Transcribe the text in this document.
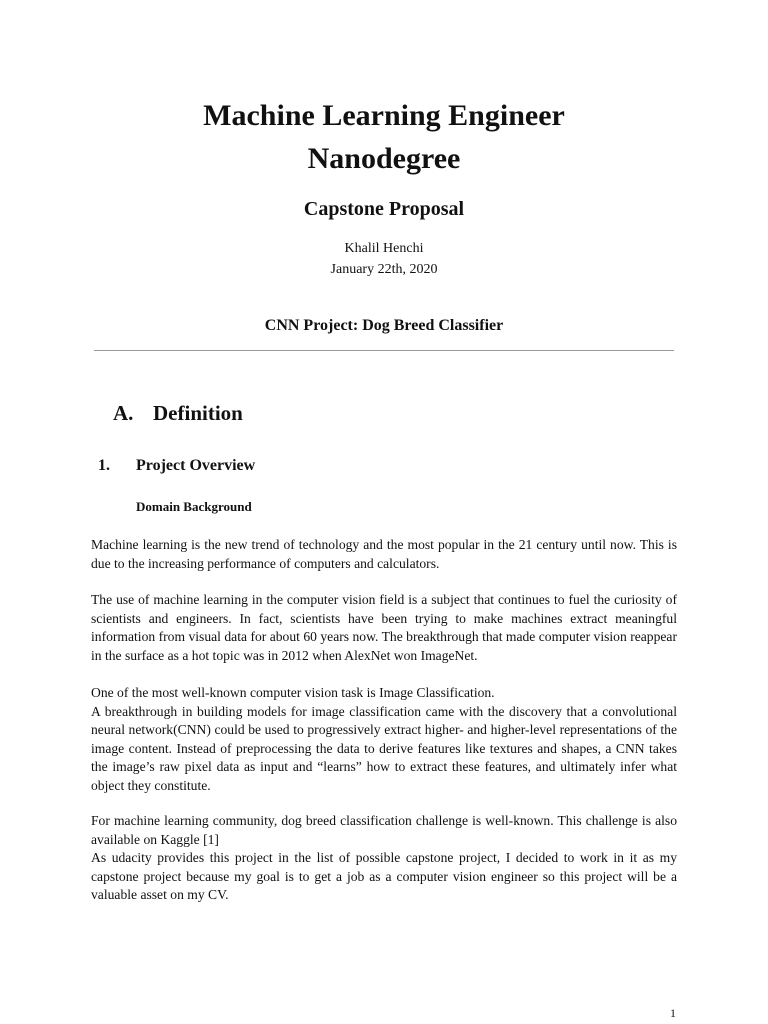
Machine Learning Engineer
Nanodegree
Capstone Proposal
Khalil Henchi
January 22th, 2020
CNN Project: Dog Breed Classifier
A. Definition
1. Project Overview
Domain Background

Machine learning is the new trend of technology and the most popular in the 21 century until now. This is due to the increasing performance of computers and calculators.

The use of machine learning in the computer vision field is a subject that continues to fuel the curiosity of scientists and engineers. In fact, scientists have been trying to make machines extract meaningful information from visual data for about 60 years now. The breakthrough that made computer vision reappear in the surface as a hot topic was in 2012 when AlexNet won ImageNet.

One of the most well-known computer vision task is Image Classification.

A breakthrough in building models for image classification came with the discovery that a convolutional neural network(CNN) could be used to progressively extract higher- and higher-level representations of the image content. Instead of preprocessing the data to derive features like textures and shapes, a CNN takes the image’s raw pixel data as input and “learns” how to extract these features, and ultimately infer what object they constitute.

For machine learning community, dog breed classification challenge is well-known. This challenge is also available on Kaggle [1]

As udacity provides this project in the list of possible capstone project, I decided to work in it as my capstone project because my goal is to get a job as a computer vision engineer so this project will be a valuable asset on my CV.

1
